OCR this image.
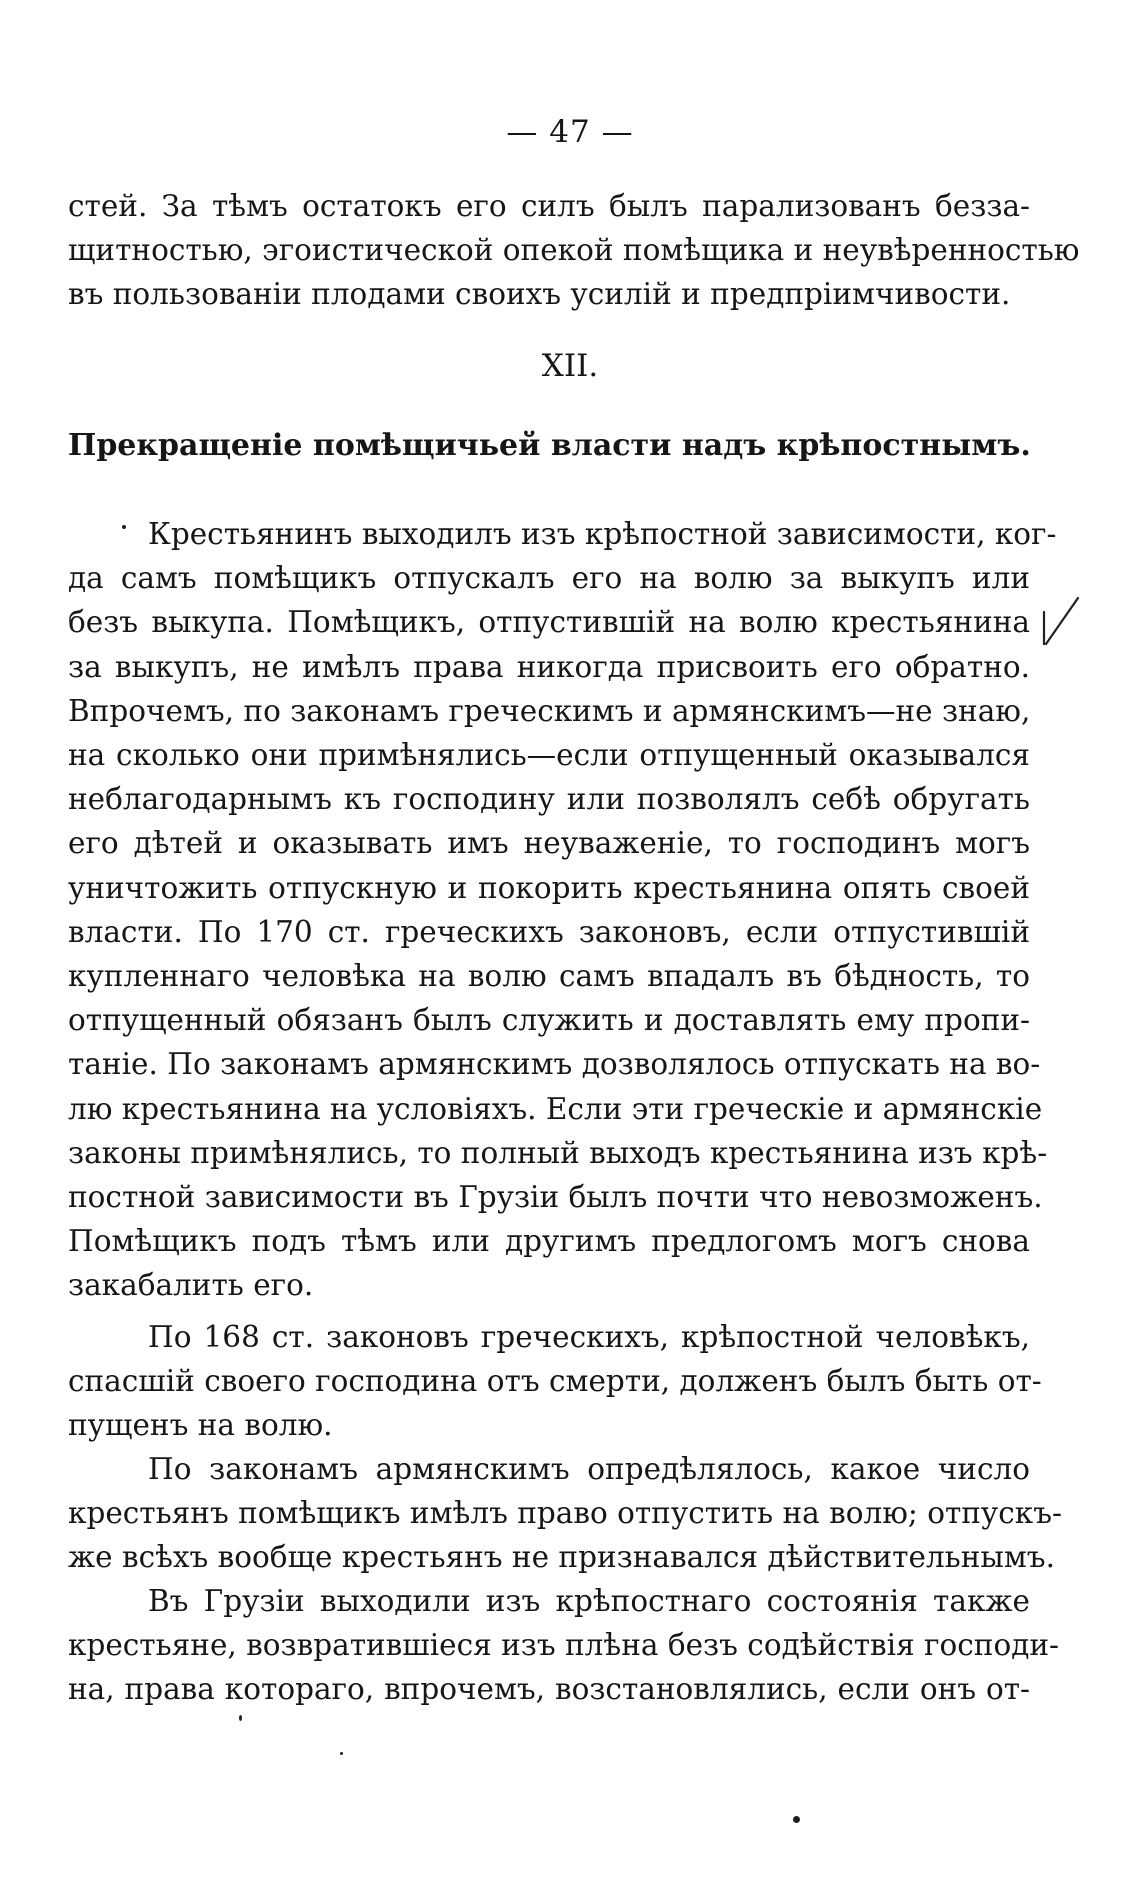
— 47 —
стей. За тѣмъ остатокъ его силъ былъ парализованъ безза-
щитностью, эгоистической опекой помѣщика и неувѣренностью
въ пользованіи плодами своихъ усилій и предпріимчивости.
XII.
Прекращеніе помѣщичьей власти надъ крѣпостнымъ.
Крестьянинъ выходилъ изъ крѣпостной зависимости, ког-
да самъ помѣщикъ отпускалъ его на волю за выкупъ или
безъ выкупа. Помѣщикъ, отпустившій на волю крестьянина
за выкупъ, не имѣлъ права никогда присвоить его обратно.
Впрочемъ, по законамъ греческимъ и армянскимъ—не знаю,
на сколько они примѣнялись—если отпущенный оказывался
неблагодарнымъ къ господину или позволялъ себѣ обругать
его дѣтей и оказывать имъ неуваженіе, то господинъ могъ
уничтожить отпускную и покорить крестьянина опять своей
власти. По 170 ст. греческихъ законовъ, если отпустившій
купленнаго человѣка на волю самъ впадалъ въ бѣдность, то
отпущенный обязанъ былъ служить и доставлять ему пропи-
таніе. По законамъ армянскимъ дозволялось отпускать на во-
лю крестьянина на условіяхъ. Если эти греческіе и армянскіе
законы примѣнялись, то полный выходъ крестьянина изъ крѣ-
постной зависимости въ Грузіи былъ почти что невозможенъ.
Помѣщикъ подъ тѣмъ или другимъ предлогомъ могъ снова
закабалить его.
По 168 ст. законовъ греческихъ, крѣпостной человѣкъ,
спасшій своего господина отъ смерти, долженъ былъ быть от-
пущенъ на волю.
По законамъ армянскимъ опредѣлялось, какое число
крестьянъ помѣщикъ имѣлъ право отпустить на волю; отпускъ-
же всѣхъ вообще крестьянъ не признавался дѣйствительнымъ.
Въ Грузіи выходили изъ крѣпостнаго состоянія также
крестьяне, возвратившіеся изъ плѣна безъ содѣйствія господи-
на, права котораго, впрочемъ, возстановлялись, если онъ от-
